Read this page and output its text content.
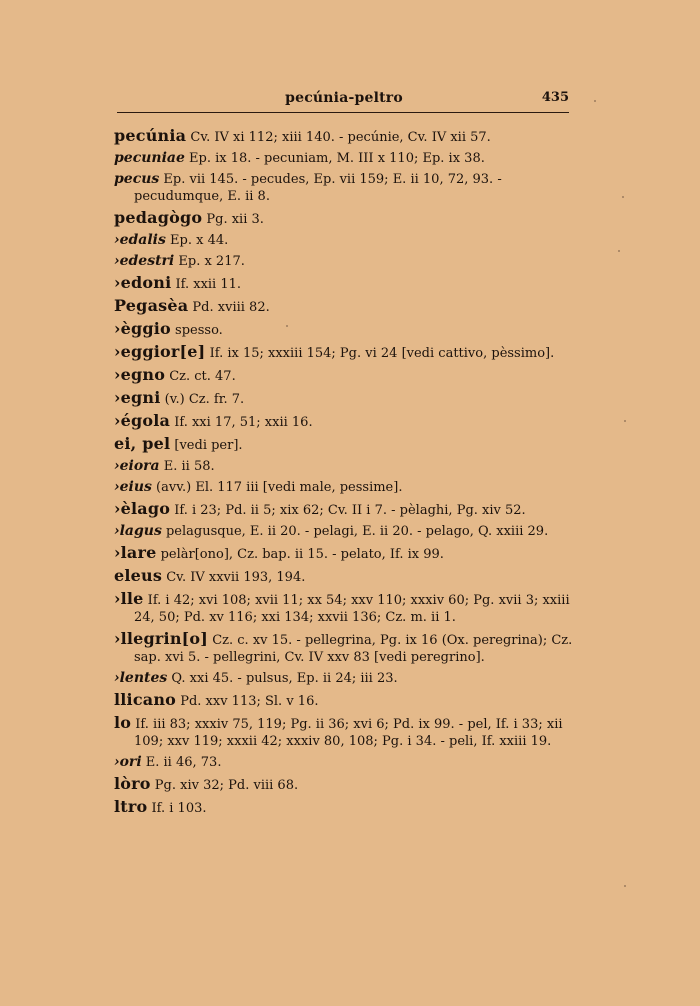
pecúnia-peltro	435
pecúnia Cv. IV xi 112; xiii 140. - pecúnie, Cv. IV xii 57.
pecuniae Ep. ix 18. - pecuniam, M. III x 110; Ep. ix 38.
pecus Ep. vii 145. - pecudes, Ep. vii 159; E. ii 10, 72, 93. - pecudumque, E. ii 8.
pedagògo Pg. xii 3.
›edalis Ep. x 44.
›edestri Ep. x 217.
›edoni If. xxii 11.
Pegasèa Pd. xviii 82.
›èggio spesso.
›eggior[e] If. ix 15; xxxiii 154; Pg. vi 24 [vedi cattivo, pèssimo].
›egno Cz. ct. 47.
›egni (v.) Cz. fr. 7.
›égola If. xxi 17, 51; xxii 16.
ei, pel [vedi per].
›eiora E. ii 58.
›eius (avv.) El. 117 iii [vedi male, pessime].
›èlago If. i 23; Pd. ii 5; xix 62; Cv. II i 7. - pèlaghi, Pg. xiv 52.
›lagus pelagusque, E. ii 20. - pelagi, E. ii 20. - pelago, Q. xxiii 29.
›lare pelàr[ono], Cz. bap. ii 15. - pelato, If. ix 99.
eleus Cv. IV xxvii 193, 194.
›lle If. i 42; xvi 108; xvii 11; xx 54; xxv 110; xxxiv 60; Pg. xvii 3; xxiii 24, 50; Pd. xv 116; xxi 134; xxvii 136; Cz. m. ii 1.
›llegrin[o] Cz. c. xv 15. - pellegrina, Pg. ix 16 (Ox. peregrina); Cz. sap. xvi 5. - pellegrini, Cv. IV xxv 83 [vedi peregrino].
›lentes Q. xxi 45. - pulsus, Ep. ii 24; iii 23.
llicano Pd. xxv 113; Sl. v 16.
lo If. iii 83; xxxiv 75, 119; Pg. ii 36; xvi 6; Pd. ix 99. - pel, If. i 33; xii 109; xxv 119; xxxii 42; xxxiv 80, 108; Pg. i 34. - peli, If. xxiii 19.
›ori E. ii 46, 73.
lòro Pg. xiv 32; Pd. viii 68.
ltro If. i 103.
